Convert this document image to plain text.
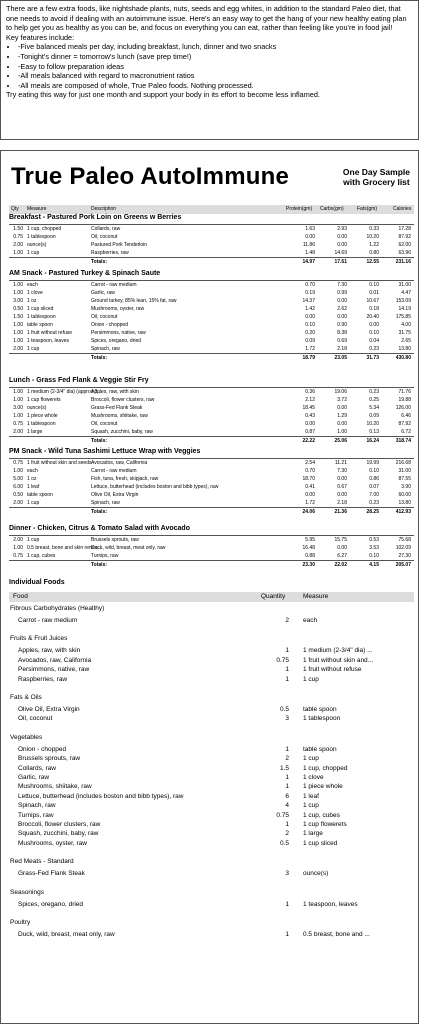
There are a few extra foods, like nightshade plants, nuts, seeds and egg whites, in addition to the standard Paleo diet, that one needs to avoid if dealing with an autoimmune issue. Here's an easy way to get the hang of your new healthy eating plan to help get you as healthy as you can be, and focus on everything you can eat, rather than feeling like you're in food jail!
Key features include:
• -Five balanced meals per day, including breakfast, lunch, dinner and two snacks
• -Tonight's dinner = tomorrow's lunch (save prep time!)
• -Easy to follow preparation ideas
• -All meals balanced with regard to macronutrient ratios
• -All meals are composed of whole, True Paleo foods. Nothing processed.
Try eating this way for just one month and support your body in its effort to become less inflamed.
True Paleo AutoImmune	One Day Sample
with Grocery list
Qty Measure	Description	Protein(gm) Carbs(gm)	Fats(gm)	Calories
Breakfast - Pastured Pork Loin on Greens w Berries
1.50 1 cup, chopped	Collards, raw	1.63	2.93	0.33	17.28
0.75 1 tablespoon	Oil, coconut	0.00	0.00	10.20	87.92
2.00 ounce(s)	Pastured Pork Tenderloin	11.86	0.00	1.22	62.00
1.00 1 cup	Raspberries, raw	1.48	14.69	0.80	63.96
Totals:	14.97	17.61	12.55	231.16
AM Snack - Pastured Turkey & Spinach Saute
1.00 each	Carrot - raw medium	0.70	7.30	0.10	31.00
1.00 1 clove	Garlic, raw	0.19	0.99	0.01	4.47
3.00 1 oz	Ground turkey, 85% lean, 15% fat, raw	14.37	0.00	10.67	153.09
0.50 1 cup sliced	Mushrooms, oyster, raw	1.42	2.62	0.18	14.19
1.50 1 tablespoon	Oil, coconut	0.00	0.00	20.40	175.85
1.00 table spoon	Onion - chopped	0.10	0.90	0.00	4.00
1.00 1 fruit without refuse	Persimmons, native, raw	0.20	8.38	0.10	31.75
1.00 1 teaspoon, leaves	Spices, oregano, dried	0.09	0.69	0.04	2.65
2.00 1 cup	Spinach, raw	1.72	2.18	0.23	13.80
Totals:	18.79	23.05	31.73	430.80
Lunch - Grass Fed Flank & Veggie Stir Fry
1.00 1 medium (2-3/4" dia) (approx 3...
Apples, raw, with skin	0.36	19.06	0.23	71.76
1.00 1 cup flowerets	Broccoli, flower clusters, raw	2.12	3.72	0.25	19.88
3.00 ounce(s)	Grass-Fed Flank Steak	18.45	0.00	5.34	126.00
1.00 1 piece whole	Mushrooms, shiitake, raw	0.43	1.29	0.09	6.46
0.75 1 tablespoon	Oil, coconut	0.00	0.00	10.20	87.92
2.00 1 large	Squash, zucchini, baby, raw	0.87	1.00	0.13	6.72
Totals:	22.22	25.06	16.24	318.74
PM Snack - Wild Tuna Sashimi Lettuce Wrap with Veggies
0.75 1 fruit without skin and seeds Avocados, raw, California	2.54	11.21	19.99	216.68
1.00 each	Carrot - raw medium	0.70	7.30	0.10	31.00
5.00 1 oz	Fish, tuna, fresh, skipjack, raw	18.70	0.00	0.86	87.55
6.00 1 leaf	Lettuce, butterhead (includes boston and bibb types), raw	0.41	0.67	0.07	3.90
0.50 table spoon	Olive Oil, Extra Virgin	0.00	0.00	7.00	60.00
2.00 1 cup	Spinach, raw	1.72	2.18	0.23	13.80
Totals:	24.06	21.36	28.25	412.93
Dinner - Chicken, Citrus & Tomato Salad with Avocado
2.00 1 cup	Brussels sprouts, raw	5.95	15.75	0.53	75.68
1.00 0.5 breast, bone and skin remov...
Duck, wild, breast, meat only, raw	16.48	0.00	3.53	102.09
0.75 1 cup, cubes	Turnips, raw	0.88	6.27	0.10	27.30
Totals:	23.30	22.02	4.15	205.07
Individual Foods
Food	Quantity	Measure
Fibrous Carbohydrates (Healthy)
Carrot - raw medium	2 each
Fruits & Fruit Juices
Apples, raw, with skin	1 1 medium (2-3/4" dia) ...
Avocados, raw, California	0.75 1 fruit without skin and...
Persimmons, native, raw	1 1 fruit without refuse
Raspberries, raw	1 1 cup
Fats & Oils
Olive Oil, Extra Virgin	0.5 table spoon
Oil, coconut	3 1 tablespoon
Vegetables
Onion - chopped	1 table spoon
Brussels sprouts, raw	2 1 cup
Collards, raw	1.5 1 cup, chopped
Garlic, raw	1 1 clove
Mushrooms, shiitake, raw	1 1 piece whole
Lettuce, butterhead (includes boston and bibb types), raw	6 1 leaf
Spinach, raw	4 1 cup
Turnips, raw	0.75 1 cup, cubes
Broccoli, flower clusters, raw	1 1 cup flowerets
Squash, zucchini, baby, raw	2 1 large
Mushrooms, oyster, raw	0.5 1 cup sliced
Red Meats - Standard
Grass-Fed Flank Steak	3 ounce(s)
Seasonings
Spices, oregano, dried	1 1 teaspoon, leaves
Poultry
Duck, wild, breast, meat only, raw	1 0.5 breast, bone and ...
